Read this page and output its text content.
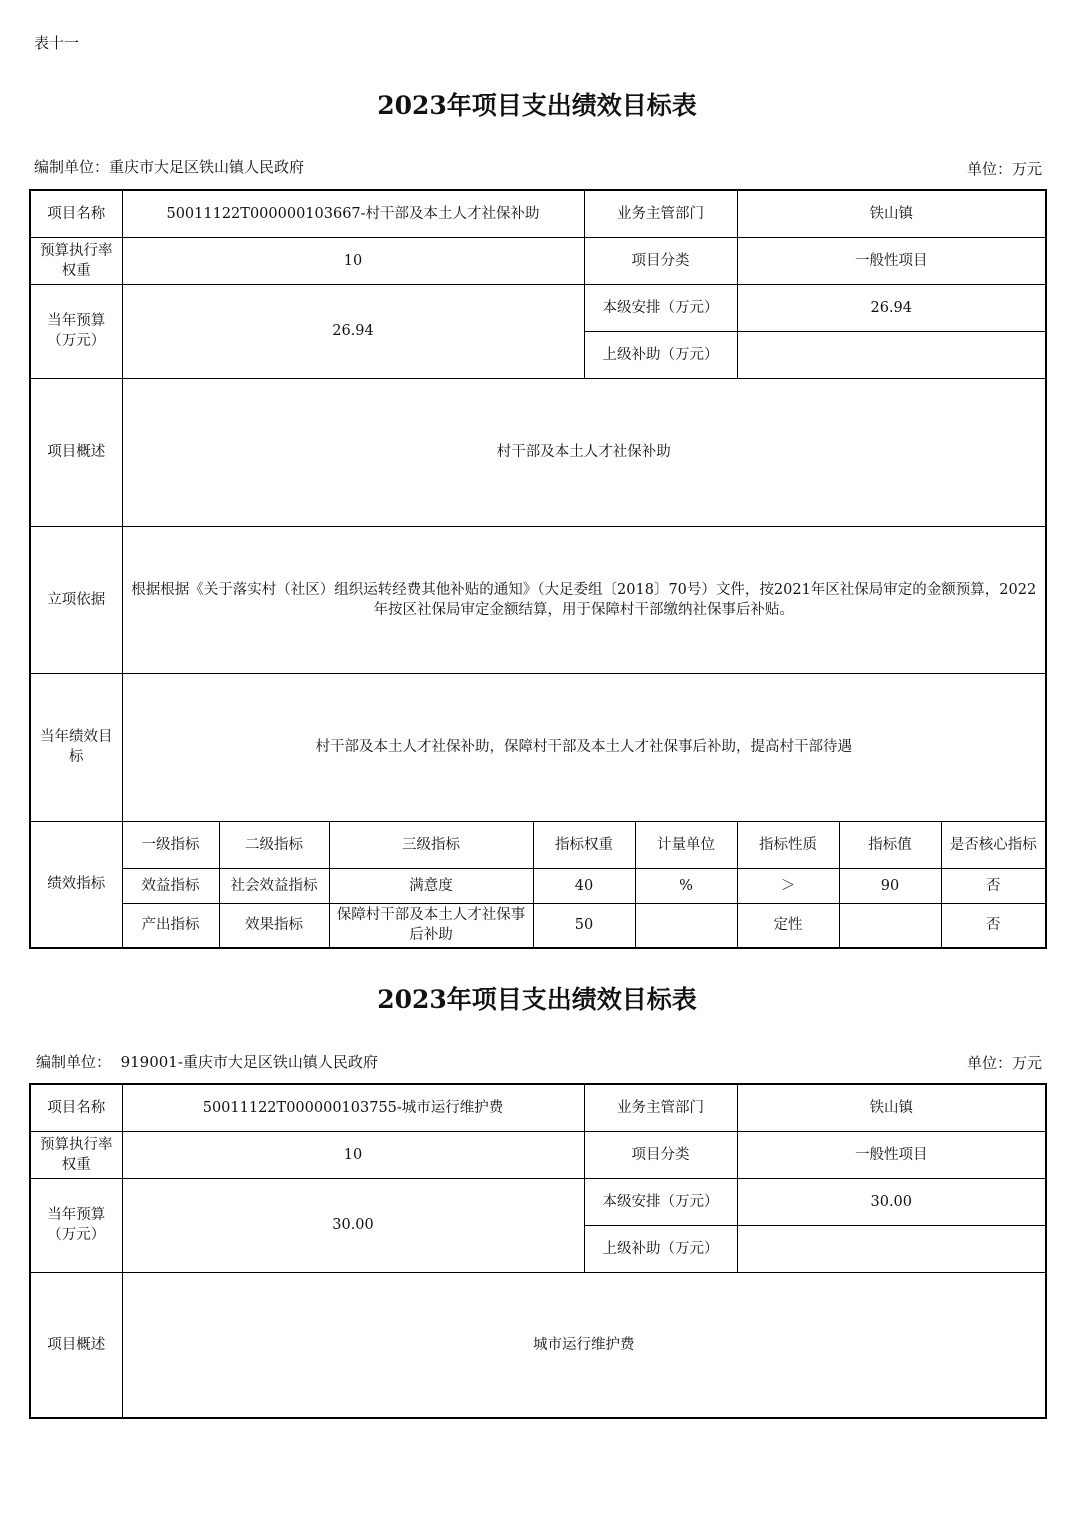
表十一
2023年项目支出绩效目标表
编制单位：重庆市大足区铁山镇人民政府	单位：万元
项目名称	50011122T000000103667-村干部及本土人才社保补助				业务主管部门		铁山镇		
预算执行率权重	10				项目分类		一般性项目		
当年预算（万元）	26.94				本级安排（万元）		26.94		
					上级补助（万元）				
项目概述	村干部及本土人才社保补助								
立项依据	根据根据《关于落实村（社区）组织运转经费其他补贴的通知》（大足委组〔2018〕70号）文件，按2021年区社保局审定的金额预算，2022年按区社保局审定金额结算，用于保障村干部缴纳社保事后补贴。								
当年绩效目标	村干部及本土人才社保补助，保障村干部及本土人才社保事后补助，提高村干部待遇								
绩效指标	一级指标	二级指标	三级指标	指标权重		计量单位	指标性质	指标值	是否核心指标
	效益指标	社会效益指标	满意度	40		%	＞	90	否
	产出指标	效果指标	保障村干部及本土人才社保事后补助	50			定性		否
2023年项目支出绩效目标表
编制单位： 919001-重庆市大足区铁山镇人民政府	单位：万元
项目名称	50011122T000000103755-城市运行维护费	业务主管部门	铁山镇
预算执行率权重	10	项目分类	一般性项目
当年预算（万元）	30.00	本级安排（万元）	30.00
		上级补助（万元）	
项目概述	城市运行维护费		
